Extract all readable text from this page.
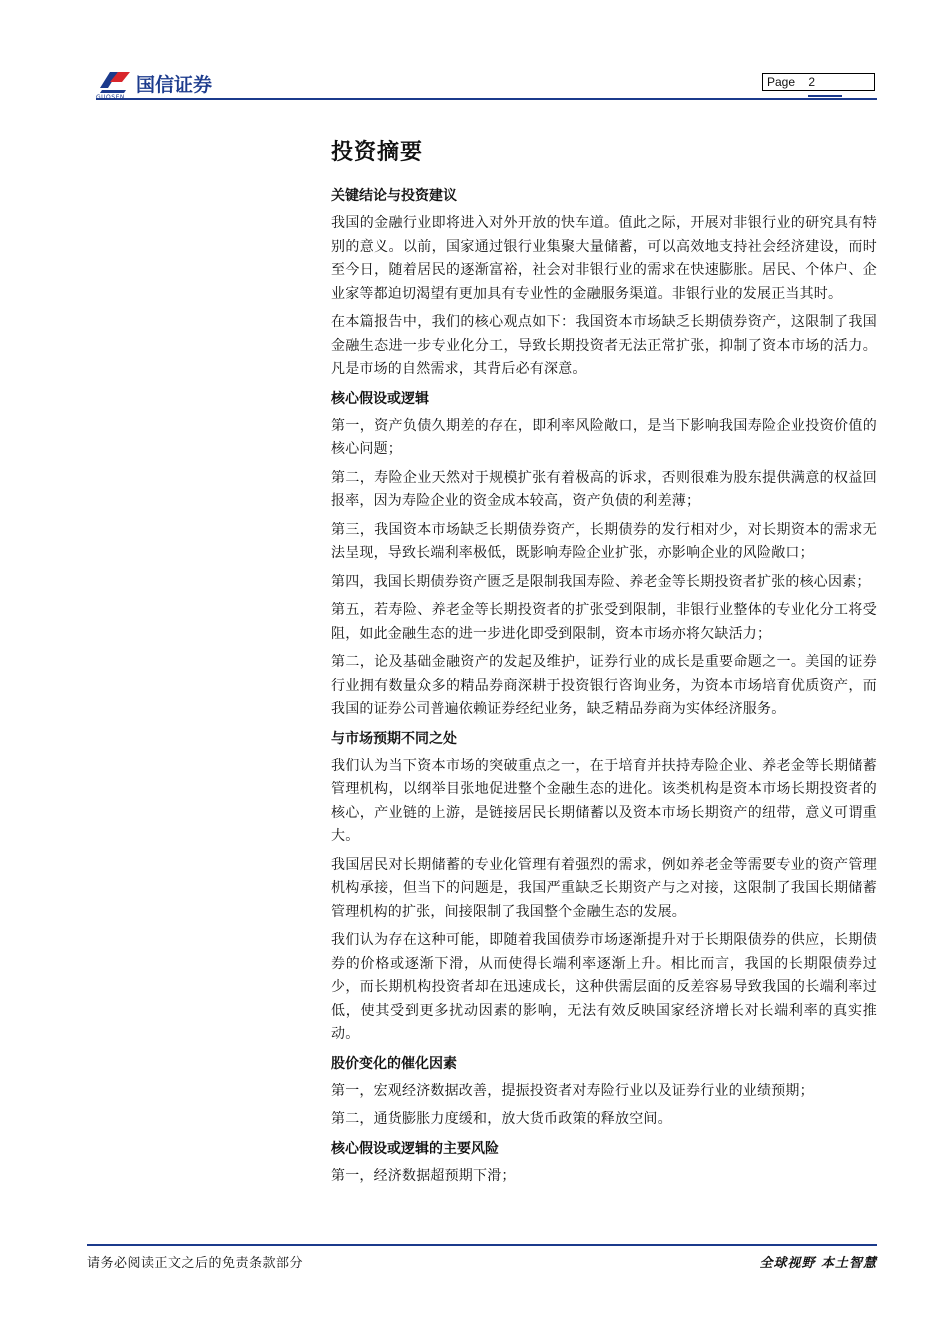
国信证券	Page 2
投资摘要
关键结论与投资建议

我国的金融行业即将进入对外开放的快车道。值此之际，开展对非银行业的研究具有特别的意义。以前，国家通过银行业集聚大量储蓄，可以高效地支持社会经济建设，而时至今日，随着居民的逐渐富裕，社会对非银行业的需求在快速膨胀。居民、个体户、企业家等都迫切渴望有更加具有专业性的金融服务渠道。非银行业的发展正当其时。

在本篇报告中，我们的核心观点如下：我国资本市场缺乏长期债券资产，这限制了我国金融生态进一步专业化分工，导致长期投资者无法正常扩张，抑制了资本市场的活力。凡是市场的自然需求，其背后必有深意。

核心假设或逻辑

第一，资产负债久期差的存在，即利率风险敞口，是当下影响我国寿险企业投资价值的核心问题；

第二，寿险企业天然对于规模扩张有着极高的诉求，否则很难为股东提供满意的权益回报率，因为寿险企业的资金成本较高，资产负债的利差薄；

第三，我国资本市场缺乏长期债券资产，长期债券的发行相对少，对长期资本的需求无法呈现，导致长端利率极低，既影响寿险企业扩张，亦影响企业的风险敞口；

第四，我国长期债券资产匮乏是限制我国寿险、养老金等长期投资者扩张的核心因素；

第五，若寿险、养老金等长期投资者的扩张受到限制，非银行业整体的专业化分工将受阻，如此金融生态的进一步进化即受到限制，资本市场亦将欠缺活力；

第二，论及基础金融资产的发起及维护，证券行业的成长是重要命题之一。美国的证券行业拥有数量众多的精品券商深耕于投资银行咨询业务，为资本市场培育优质资产，而我国的证券公司普遍依赖证券经纪业务，缺乏精品券商为实体经济服务。

与市场预期不同之处

我们认为当下资本市场的突破重点之一，在于培育并扶持寿险企业、养老金等长期储蓄管理机构，以纲举目张地促进整个金融生态的进化。该类机构是资本市场长期投资者的核心，产业链的上游，是链接居民长期储蓄以及资本市场长期资产的纽带，意义可谓重大。

我国居民对长期储蓄的专业化管理有着强烈的需求，例如养老金等需要专业的资产管理机构承接，但当下的问题是，我国严重缺乏长期资产与之对接，这限制了我国长期储蓄管理机构的扩张，间接限制了我国整个金融生态的发展。

我们认为存在这种可能，即随着我国债券市场逐渐提升对于长期限债券的供应，长期债券的价格或逐渐下滑，从而使得长端利率逐渐上升。相比而言，我国的长期限债券过少，而长期机构投资者却在迅速成长，这种供需层面的反差容易导致我国的长端利率过低，使其受到更多扰动因素的影响，无法有效反映国家经济增长对长端利率的真实推动。

股价变化的催化因素

第一，宏观经济数据改善，提振投资者对寿险行业以及证券行业的业绩预期；

第二，通货膨胀力度缓和，放大货币政策的释放空间。

核心假设或逻辑的主要风险

第一，经济数据超预期下滑；

请务必阅读正文之后的免责条款部分	全球视野 本土智慧
